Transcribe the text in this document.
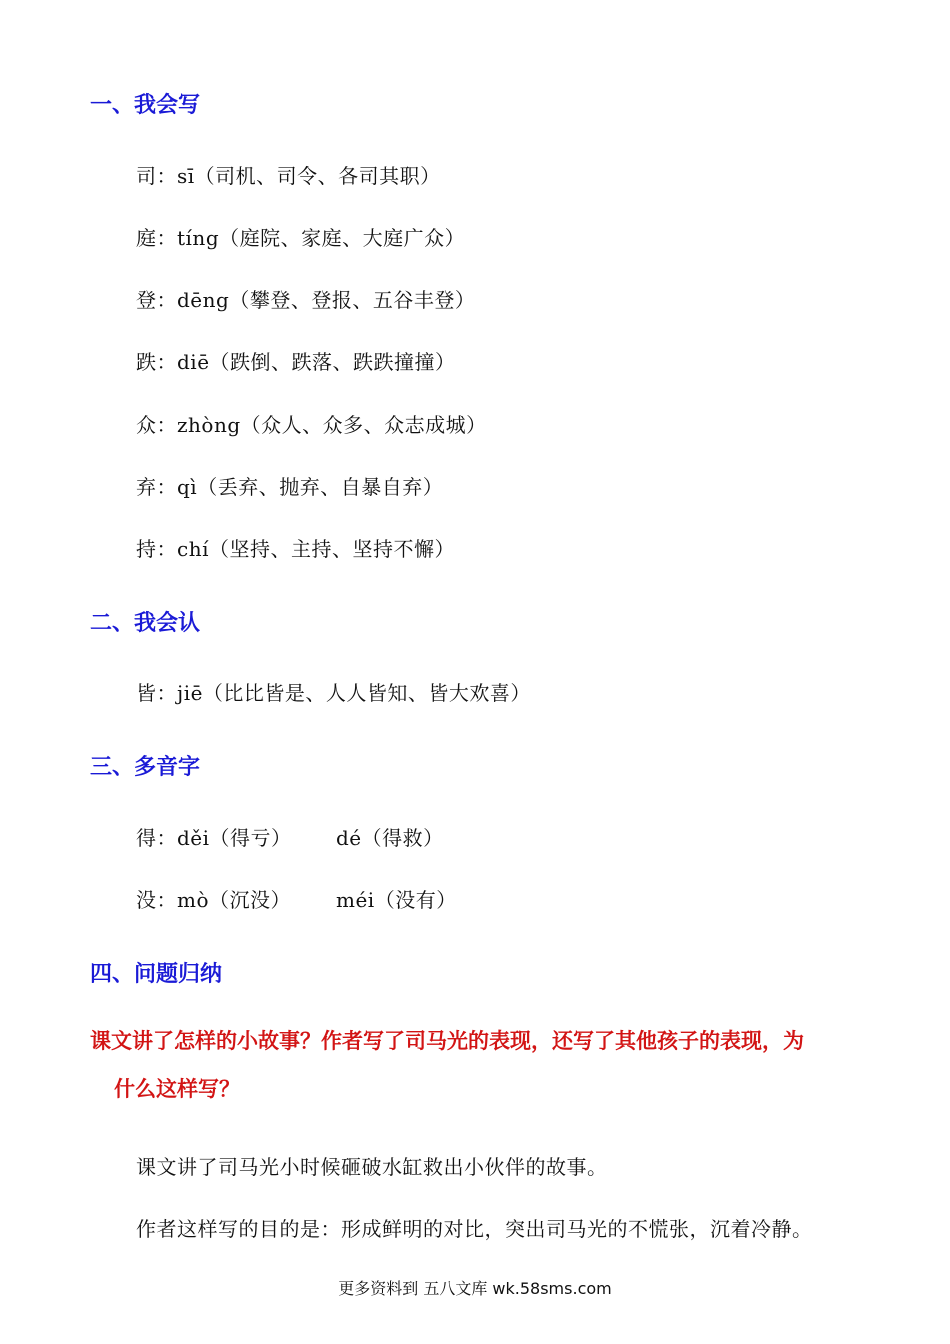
一、我会写
司：sī（司机、司令、各司其职）
庭：tíng（庭院、家庭、大庭广众）
登：dēng（攀登、登报、五谷丰登）
跌：diē（跌倒、跌落、跌跌撞撞）
众：zhòng（众人、众多、众志成城）
弃：qì（丢弃、抛弃、自暴自弃）
持：chí（坚持、主持、坚持不懈）
二、我会认
皆：jiē（比比皆是、人人皆知、皆大欢喜）
三、多音字
得：děi（得亏） dé（得救）
没：mò（沉没） méi（没有）
四、问题归纳
课文讲了怎样的小故事？作者写了司马光的表现，还写了其他孩子的表现，为
什么这样写？
课文讲了司马光小时候砸破水缸救出小伙伴的故事。
作者这样写的目的是：形成鲜明的对比，突出司马光的不慌张，沉着冷静。
更多资料到 五八文库 wk.58sms.com
